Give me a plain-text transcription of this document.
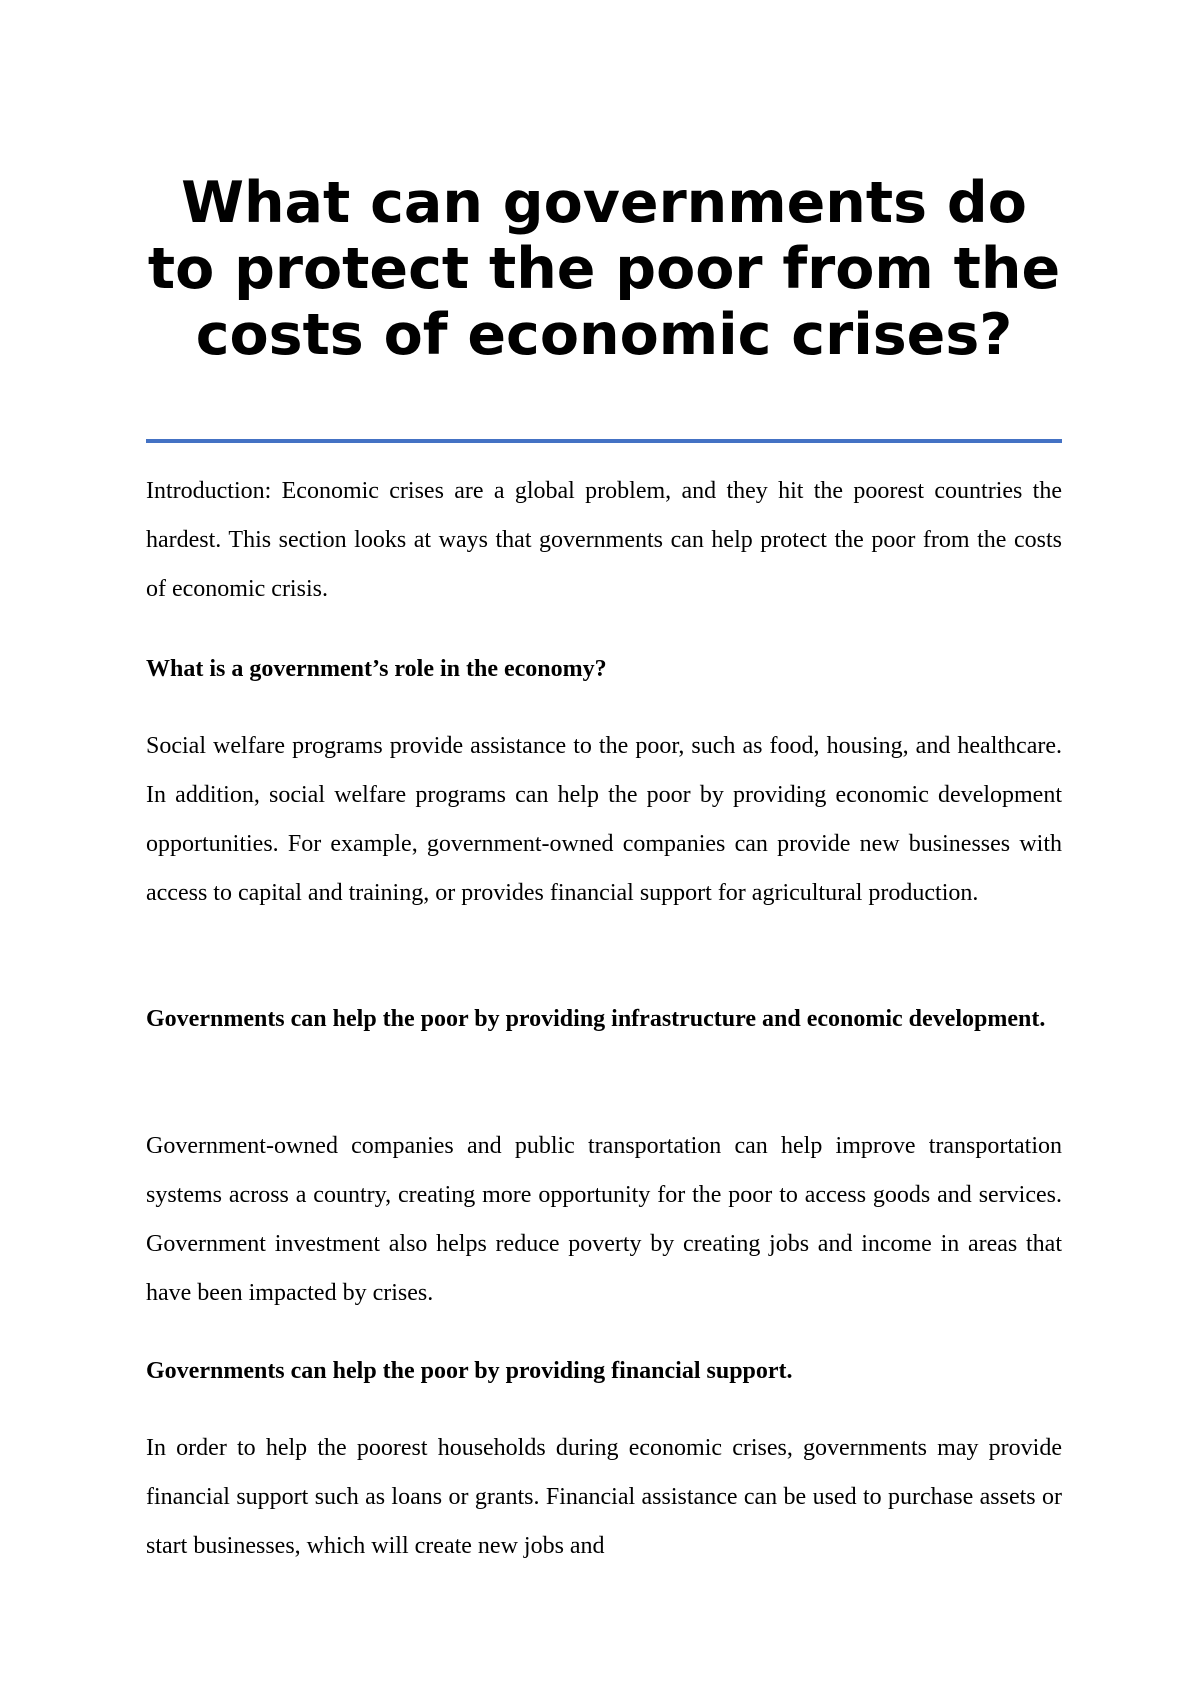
What can governments do to protect the poor from the costs of economic crises?

Introduction: Economic crises are a global problem, and they hit the poorest countries the hardest. This section looks at ways that governments can help protect the poor from the costs of economic crisis.

What is a government’s role in the economy?

Social welfare programs provide assistance to the poor, such as food, housing, and healthcare. In addition, social welfare programs can help the poor by providing economic development opportunities. For example, government-owned companies can provide new businesses with access to capital and training, or provides financial support for agricultural production.

Governments can help the poor by providing infrastructure and economic development.

Government-owned companies and public transportation can help improve transportation systems across a country, creating more opportunity for the poor to access goods and services. Government investment also helps reduce poverty by creating jobs and income in areas that have been impacted by crises.

Governments can help the poor by providing financial support.

In order to help the poorest households during economic crises, governments may provide financial support such as loans or grants. Financial assistance can be used to purchase assets or start businesses, which will create new jobs and
